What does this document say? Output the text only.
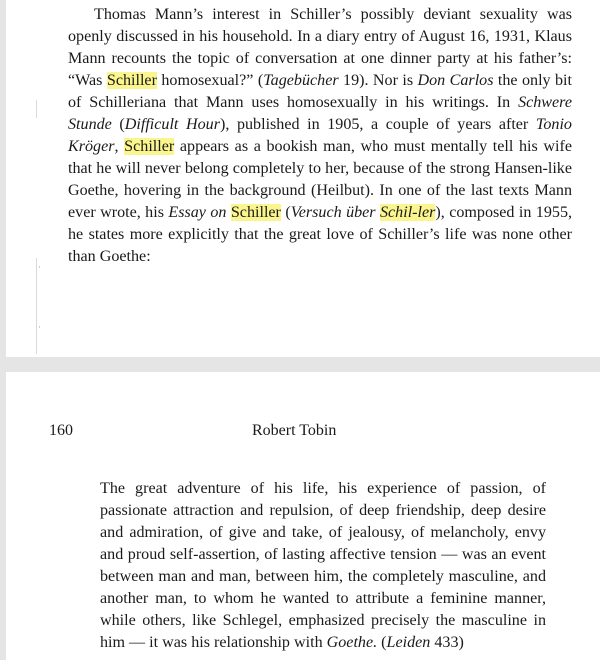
·
·

Thomas Mann’s interest in Schiller’s possibly deviant sexuality was openly discussed in his household. In a diary entry of August 16, 1931, Klaus Mann recounts the topic of conversation at one dinner party at his father’s: “Was Schiller homosexual?” (Tagebücher 19). Nor is Don Carlos the only bit of Schilleriana that Mann uses homosexually in his writings. In Schwere Stunde (Difficult Hour), published in 1905, a couple of years after Tonio Kröger, Schiller appears as a bookish man, who must mentally tell his wife that he will never belong completely to her, because of the strong Hansen-like Goethe, hovering in the background (Heilbut). In one of the last texts Mann ever wrote, his Essay on Schiller (Versuch über Schil-ler), composed in 1955, he states more explicitly that the great love of Schiller’s life was none other than Goethe:

160	Robert Tobin

The great adventure of his life, his experience of passion, of passionate attraction and repulsion, of deep friendship, deep desire and admiration, of give and take, of jealousy, of melancholy, envy and proud self-assertion, of lasting affective tension — was an event between man and man, between him, the completely masculine, and another man, to whom he wanted to attribute a feminine manner, while others, like Schlegel, emphasized precisely the masculine in him — it was his relationship with Goethe. (Leiden 433)
